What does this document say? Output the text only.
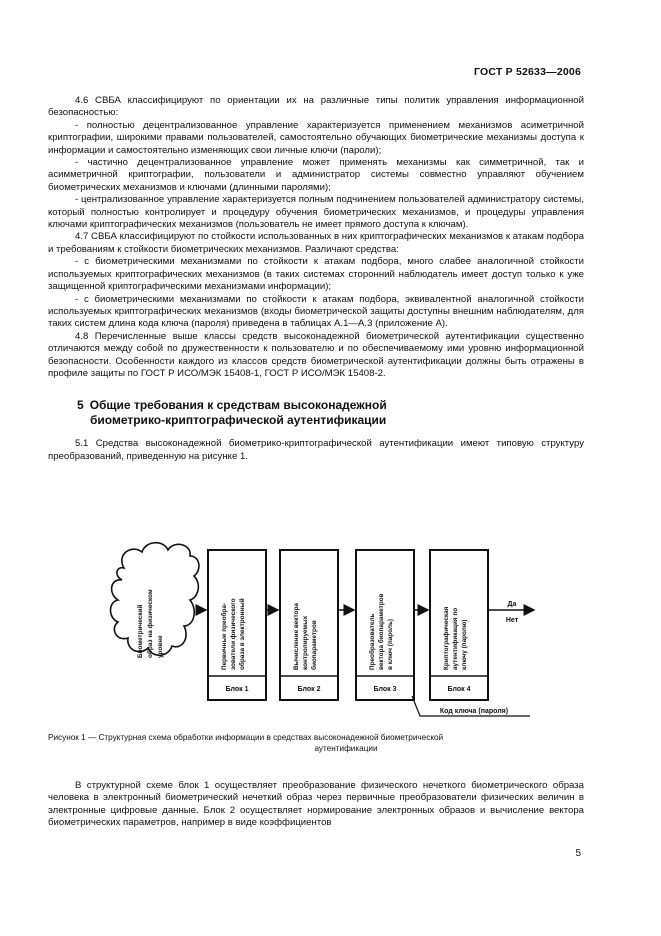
ГОСТ Р 52633—2006

4.6 СВБА классифицируют по ориентации их на различные типы политик управления информационной безопасностью:

- полностью децентрализованное управление характеризуется применением механизмов асиметричной криптографии, широкими правами пользователей, самостоятельно обучающих биометрические механизмы доступа к информации и самостоятельно изменяющих свои личные ключи (пароли);

- частично децентрализованное управление может применять механизмы как симметричной, так и асимметричной криптографии, пользователи и администратор системы совместно управляют обучением биометрических механизмов и ключами (длинными паролями);

- централизованное управление характеризуется полным подчинением пользователей администратору системы, который полностью контролирует и процедуру обучения биометрических механизмов, и процедуры управления ключами криптографических механизмов (пользователь не имеет прямого доступа к ключам).

4.7 СВБА классифицируют по стойкости использованных в них криптографических механизмов к атакам подбора и требованиям к стойкости биометрических механизмов. Различают средства:

- с биометрическими механизмами по стойкости к атакам подбора, много слабее аналогичной стойкости используемых криптографических механизмов (в таких системах сторонний наблюдатель имеет доступ только к уже защищенной криптографическими механизмами информации);

- с биометрическими механизмами по стойкости к атакам подбора, эквивалентной аналогичной стойкости используемых криптографических механизмов (входы биометрической защиты доступны внешним наблюдателям, для таких систем длина кода ключа (пароля) приведена в таблицах А.1—А.3 (приложение А).

4.8 Перечисленные выше классы средств высоконадежной биометрической аутентификации существенно отличаются между собой по дружественности к пользователю и по обеспечиваемому ими уровню информационной безопасности. Особенности каждого из классов средств биометрической аутентификации должны быть отражены в профиле защиты по ГОСТ Р ИСО/МЭК 15408-1, ГОСТ Р ИСО/МЭК 15408-2.

5 Общие требования к средствам высоконадежной
биометрико-криптографической аутентификации

5.1 Средства высоконадежной биометрико-криптографической аутентификации имеют типовую структуру преобразований, приведенную на рисунке 1.

Биометрический образ на физическом уровне	Первичные преобра- зователи физического образа в электронный
Блок 1
Вычисление вектора контролируемых биопараметров
Блок 2
Преобразователь вектора биопараметров в ключ (пароль)
Блок 3
Криптографическая аутентификация по ключу (паролю)
Блок 4
Да
Нет
Код ключа (пароля)
Рисунок 1 — Структурная схема обработки информации в средствах высоконадежной биометрической
аутентификации

В структурной схеме блок 1 осуществляет преобразование физического нечеткого биометрического образа человека в электронный биометрический нечеткий образ через первичные преобразователи физических величин в электронные цифровые данные. Блок 2 осуществляет нормирование электронных образов и вычисление вектора биометрических параметров, например в виде коэффициентов

5
